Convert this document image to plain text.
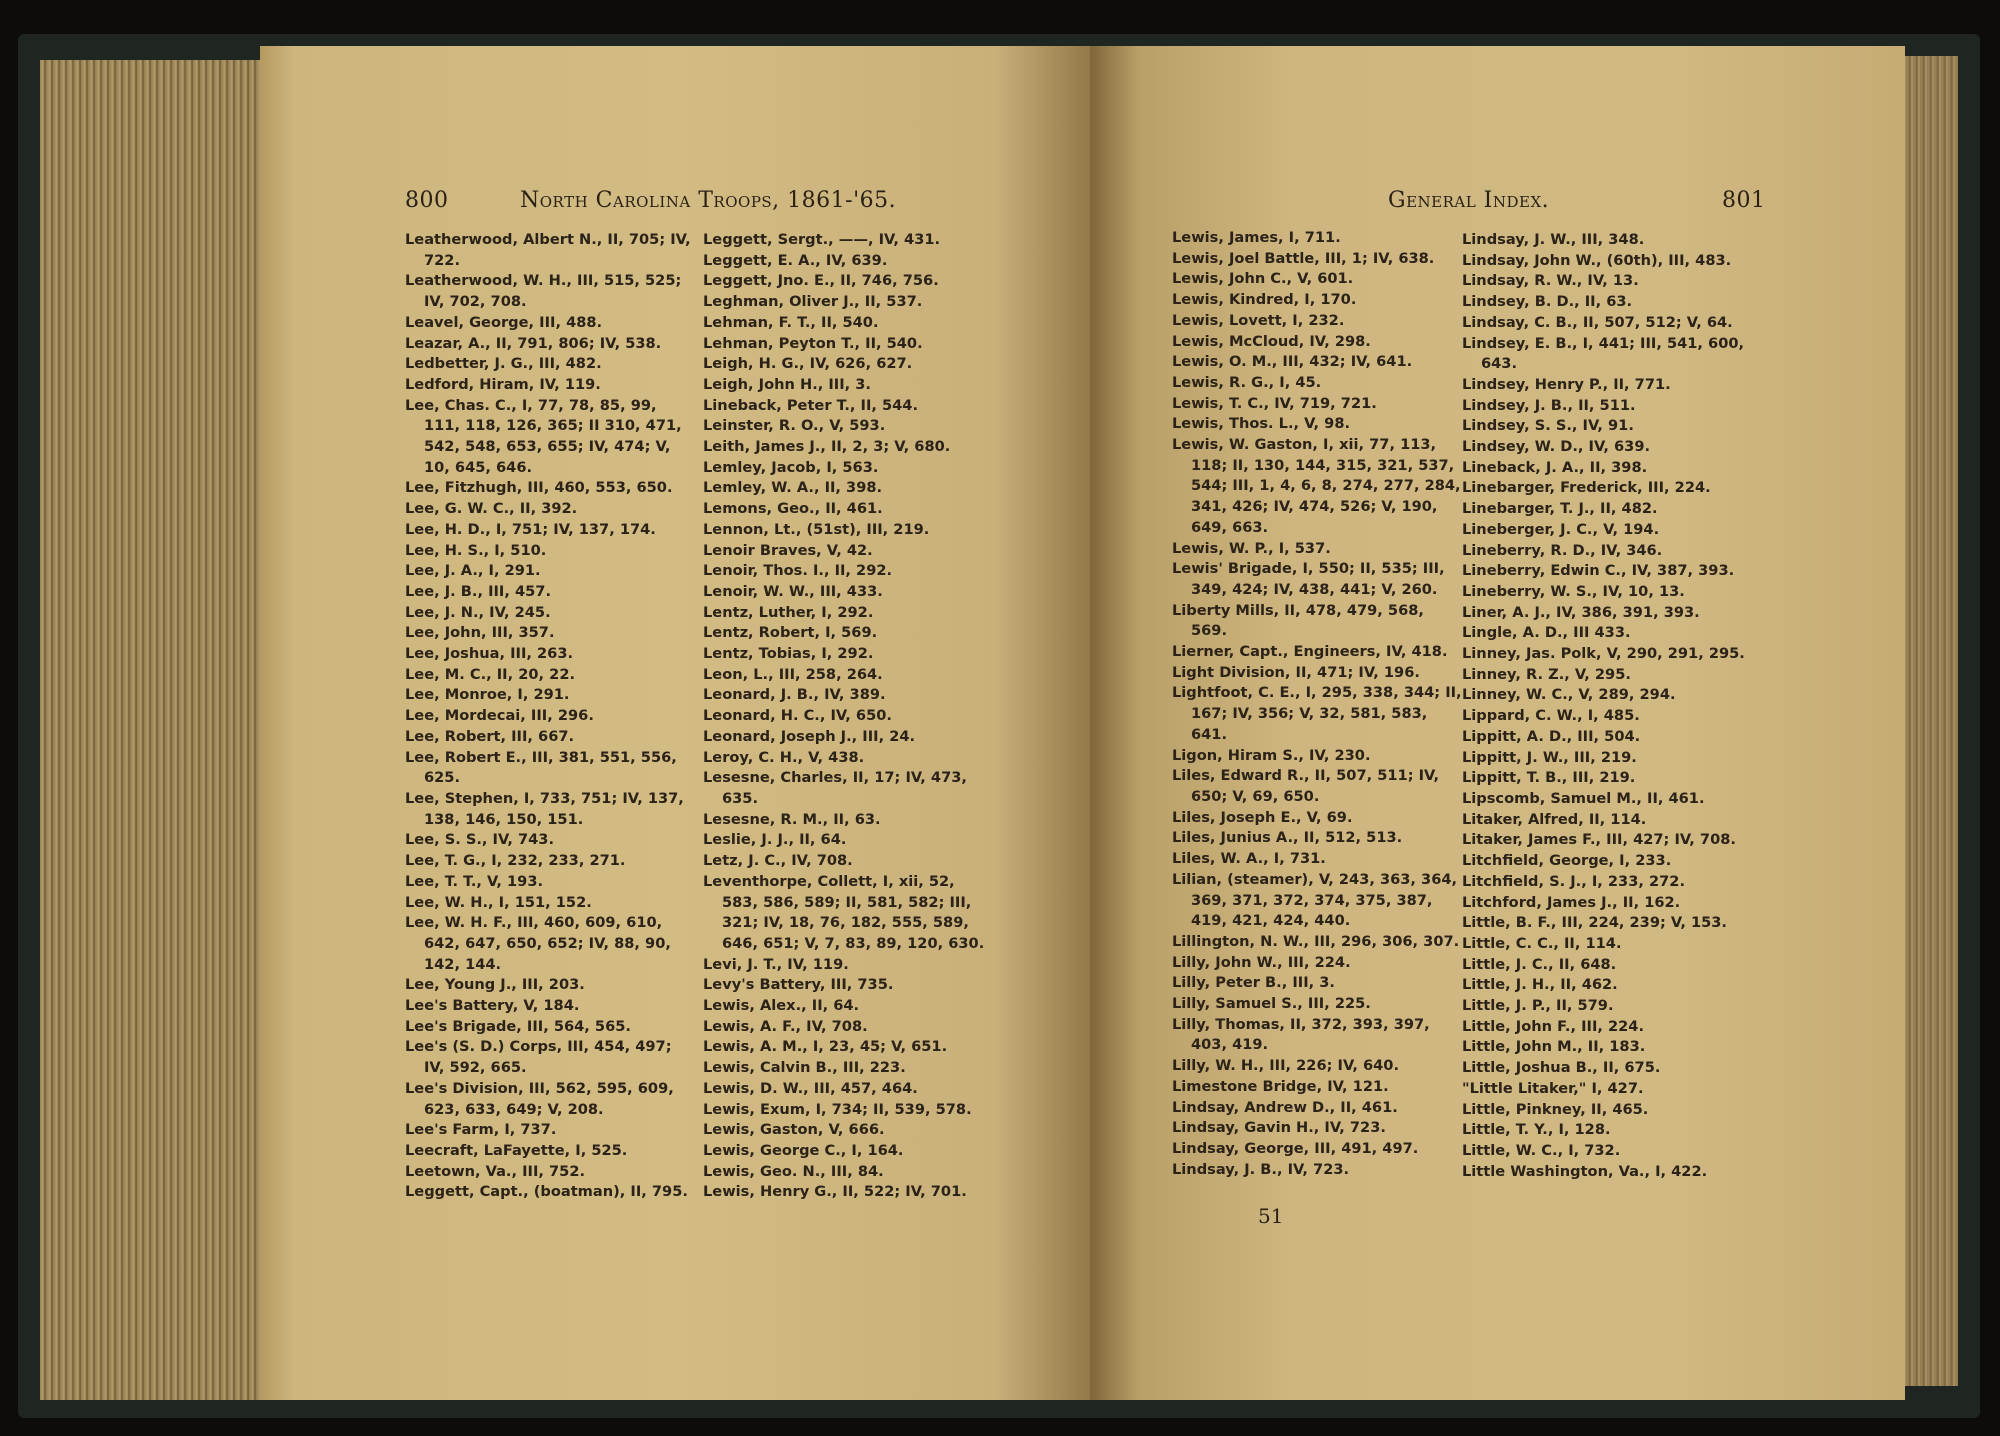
800	North Carolina Troops, 1861-'65.
Leatherwood, Albert N., II, 705; IV, 722.
Leatherwood, W. H., III, 515, 525; IV, 702, 708.
Leavel, George, III, 488.
Leazar, A., II, 791, 806; IV, 538.
Ledbetter, J. G., III, 482.
Ledford, Hiram, IV, 119.
Lee, Chas. C., I, 77, 78, 85, 99, 111, 118, 126, 365; II 310, 471, 542, 548, 653, 655; IV, 474; V, 10, 645, 646.
Lee, Fitzhugh, III, 460, 553, 650.
Lee, G. W. C., II, 392.
Lee, H. D., I, 751; IV, 137, 174.
Lee, H. S., I, 510.
Lee, J. A., I, 291.
Lee, J. B., III, 457.
Lee, J. N., IV, 245.
Lee, John, III, 357.
Lee, Joshua, III, 263.
Lee, M. C., II, 20, 22.
Lee, Monroe, I, 291.
Lee, Mordecai, III, 296.
Lee, Robert, III, 667.
Lee, Robert E., III, 381, 551, 556, 625.
Lee, Stephen, I, 733, 751; IV, 137, 138, 146, 150, 151.
Lee, S. S., IV, 743.
Lee, T. G., I, 232, 233, 271.
Lee, T. T., V, 193.
Lee, W. H., I, 151, 152.
Lee, W. H. F., III, 460, 609, 610, 642, 647, 650, 652; IV, 88, 90, 142, 144.
Lee, Young J., III, 203.
Lee's Battery, V, 184.
Lee's Brigade, III, 564, 565.
Lee's (S. D.) Corps, III, 454, 497; IV, 592, 665.
Lee's Division, III, 562, 595, 609, 623, 633, 649; V, 208.
Lee's Farm, I, 737.
Leecraft, LaFayette, I, 525.
Leetown, Va., III, 752.
Leggett, Capt., (boatman), II, 795.
Leggett, Sergt., ——, IV, 431.
Leggett, E. A., IV, 639.
Leggett, Jno. E., II, 746, 756.
Leghman, Oliver J., II, 537.
Lehman, F. T., II, 540.
Lehman, Peyton T., II, 540.
Leigh, H. G., IV, 626, 627.
Leigh, John H., III, 3.
Lineback, Peter T., II, 544.
Leinster, R. O., V, 593.
Leith, James J., II, 2, 3; V, 680.
Lemley, Jacob, I, 563.
Lemley, W. A., II, 398.
Lemons, Geo., II, 461.
Lennon, Lt., (51st), III, 219.
Lenoir Braves, V, 42.
Lenoir, Thos. I., II, 292.
Lenoir, W. W., III, 433.
Lentz, Luther, I, 292.
Lentz, Robert, I, 569.
Lentz, Tobias, I, 292.
Leon, L., III, 258, 264.
Leonard, J. B., IV, 389.
Leonard, H. C., IV, 650.
Leonard, Joseph J., III, 24.
Leroy, C. H., V, 438.
Lesesne, Charles, II, 17; IV, 473, 635.
Lesesne, R. M., II, 63.
Leslie, J. J., II, 64.
Letz, J. C., IV, 708.
Leventhorpe, Collett, I, xii, 52, 583, 586, 589; II, 581, 582; III, 321; IV, 18, 76, 182, 555, 589, 646, 651; V, 7, 83, 89, 120, 630.
Levi, J. T., IV, 119.
Levy's Battery, III, 735.
Lewis, Alex., II, 64.
Lewis, A. F., IV, 708.
Lewis, A. M., I, 23, 45; V, 651.
Lewis, Calvin B., III, 223.
Lewis, D. W., III, 457, 464.
Lewis, Exum, I, 734; II, 539, 578.
Lewis, Gaston, V, 666.
Lewis, George C., I, 164.
Lewis, Geo. N., III, 84.
Lewis, Henry G., II, 522; IV, 701.
General Index.	801
Lewis, James, I, 711.
Lewis, Joel Battle, III, 1; IV, 638.
Lewis, John C., V, 601.
Lewis, Kindred, I, 170.
Lewis, Lovett, I, 232.
Lewis, McCloud, IV, 298.
Lewis, O. M., III, 432; IV, 641.
Lewis, R. G., I, 45.
Lewis, T. C., IV, 719, 721.
Lewis, Thos. L., V, 98.
Lewis, W. Gaston, I, xii, 77, 113, 118; II, 130, 144, 315, 321, 537, 544; III, 1, 4, 6, 8, 274, 277, 284, 341, 426; IV, 474, 526; V, 190, 649, 663.
Lewis, W. P., I, 537.
Lewis' Brigade, I, 550; II, 535; III, 349, 424; IV, 438, 441; V, 260.
Liberty Mills, II, 478, 479, 568, 569.
Lierner, Capt., Engineers, IV, 418.
Light Division, II, 471; IV, 196.
Lightfoot, C. E., I, 295, 338, 344; II, 167; IV, 356; V, 32, 581, 583, 641.
Ligon, Hiram S., IV, 230.
Liles, Edward R., II, 507, 511; IV, 650; V, 69, 650.
Liles, Joseph E., V, 69.
Liles, Junius A., II, 512, 513.
Liles, W. A., I, 731.
Lilian, (steamer), V, 243, 363, 364, 369, 371, 372, 374, 375, 387, 419, 421, 424, 440.
Lillington, N. W., III, 296, 306, 307.
Lilly, John W., III, 224.
Lilly, Peter B., III, 3.
Lilly, Samuel S., III, 225.
Lilly, Thomas, II, 372, 393, 397, 403, 419.
Lilly, W. H., III, 226; IV, 640.
Limestone Bridge, IV, 121.
Lindsay, Andrew D., II, 461.
Lindsay, Gavin H., IV, 723.
Lindsay, George, III, 491, 497.
Lindsay, J. B., IV, 723.
Lindsay, J. W., III, 348.
Lindsay, John W., (60th), III, 483.
Lindsay, R. W., IV, 13.
Lindsey, B. D., II, 63.
Lindsay, C. B., II, 507, 512; V, 64.
Lindsey, E. B., I, 441; III, 541, 600, 643.
Lindsey, Henry P., II, 771.
Lindsey, J. B., II, 511.
Lindsey, S. S., IV, 91.
Lindsey, W. D., IV, 639.
Lineback, J. A., II, 398.
Linebarger, Frederick, III, 224.
Linebarger, T. J., II, 482.
Lineberger, J. C., V, 194.
Lineberry, R. D., IV, 346.
Lineberry, Edwin C., IV, 387, 393.
Lineberry, W. S., IV, 10, 13.
Liner, A. J., IV, 386, 391, 393.
Lingle, A. D., III 433.
Linney, Jas. Polk, V, 290, 291, 295.
Linney, R. Z., V, 295.
Linney, W. C., V, 289, 294.
Lippard, C. W., I, 485.
Lippitt, A. D., III, 504.
Lippitt, J. W., III, 219.
Lippitt, T. B., III, 219.
Lipscomb, Samuel M., II, 461.
Litaker, Alfred, II, 114.
Litaker, James F., III, 427; IV, 708.
Litchfield, George, I, 233.
Litchfield, S. J., I, 233, 272.
Litchford, James J., II, 162.
Little, B. F., III, 224, 239; V, 153.
Little, C. C., II, 114.
Little, J. C., II, 648.
Little, J. H., II, 462.
Little, J. P., II, 579.
Little, John F., III, 224.
Little, John M., II, 183.
Little, Joshua B., II, 675.
"Little Litaker," I, 427.
Little, Pinkney, II, 465.
Little, T. Y., I, 128.
Little, W. C., I, 732.
Little Washington, Va., I, 422.
51
